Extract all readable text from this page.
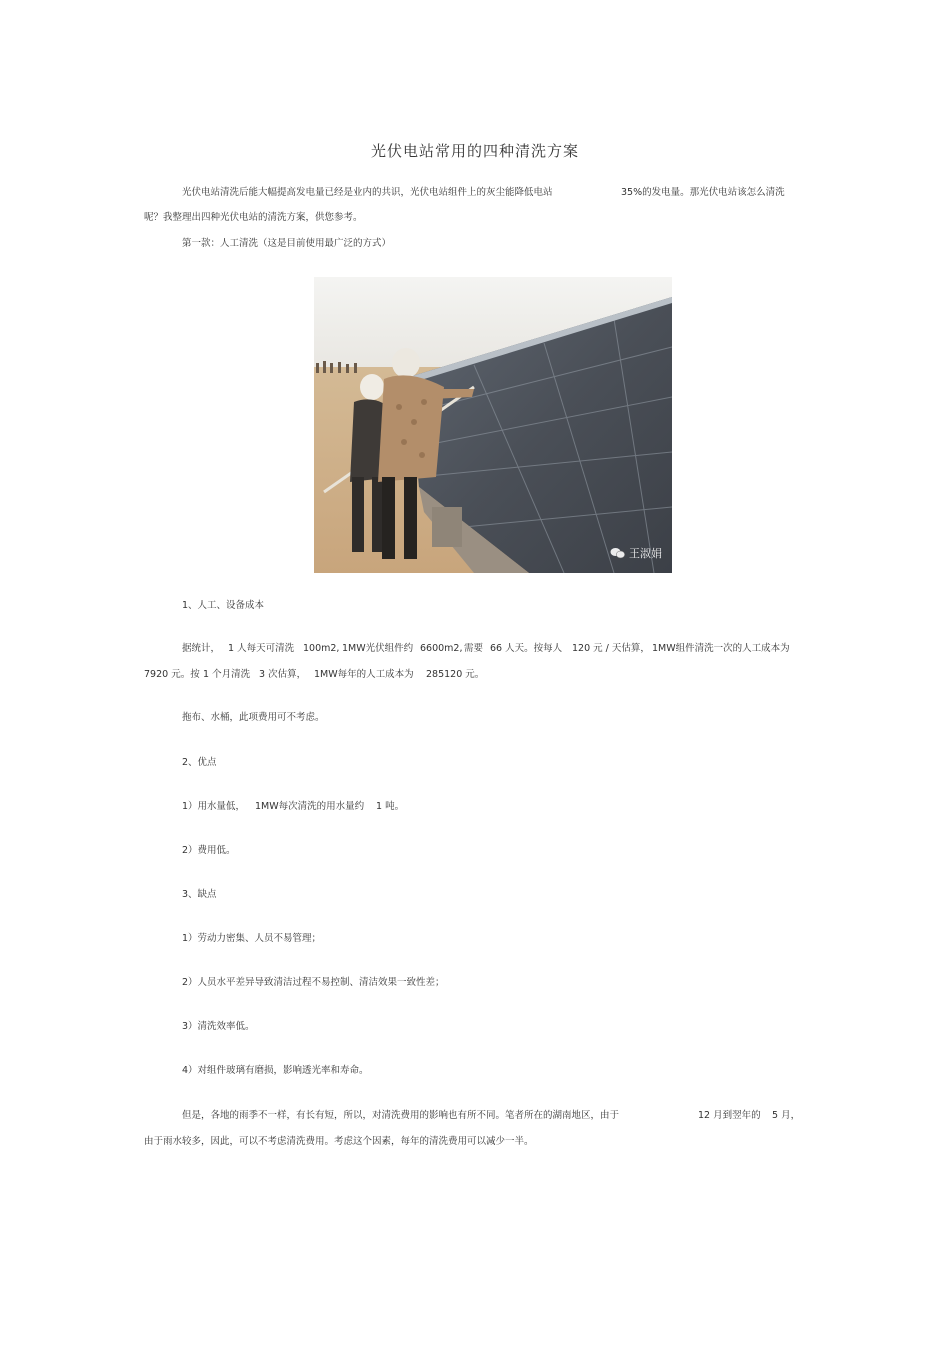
光伏电站常用的四种清洗方案
光伏电站清洗后能大幅提高发电量已经是业内的共识，光伏电站组件上的灰尘能降低电站	35%的发电量。那光伏电站该怎么清洗
呢？我整理出四种光伏电站的清洗方案，供您参考。
第一款：人工清洗（这是目前使用最广泛的方式）
王淑娟
1、人工、设备成本
据统计， 1 人每天可清洗 100m2, 1MW光伏组件约 6600m2, 需要 66 人天。按每人 120 元 / 天估算， 1MW组件清洗一次的人工成本为
7920 元。按 1 个月清洗 3 次估算， 1MW每年的人工成本为 285120 元。
拖布、水桶，此项费用可不考虑。
2、优点
1）用水量低， 1MW每次清洗的用水量约 1 吨。
2）费用低。
3、缺点
1）劳动力密集、人员不易管理；
2）人员水平差异导致清洁过程不易控制、清洁效果一致性差；
3）清洗效率低。
4）对组件玻璃有磨损，影响透光率和寿命。
但是，各地的雨季不一样，有长有短，所以，对清洗费用的影响也有所不同。笔者所在的湖南地区，由于	12 月到翌年的 5 月，
由于雨水较多，因此，可以不考虑清洗费用。考虑这个因素，每年的清洗费用可以减少一半。
